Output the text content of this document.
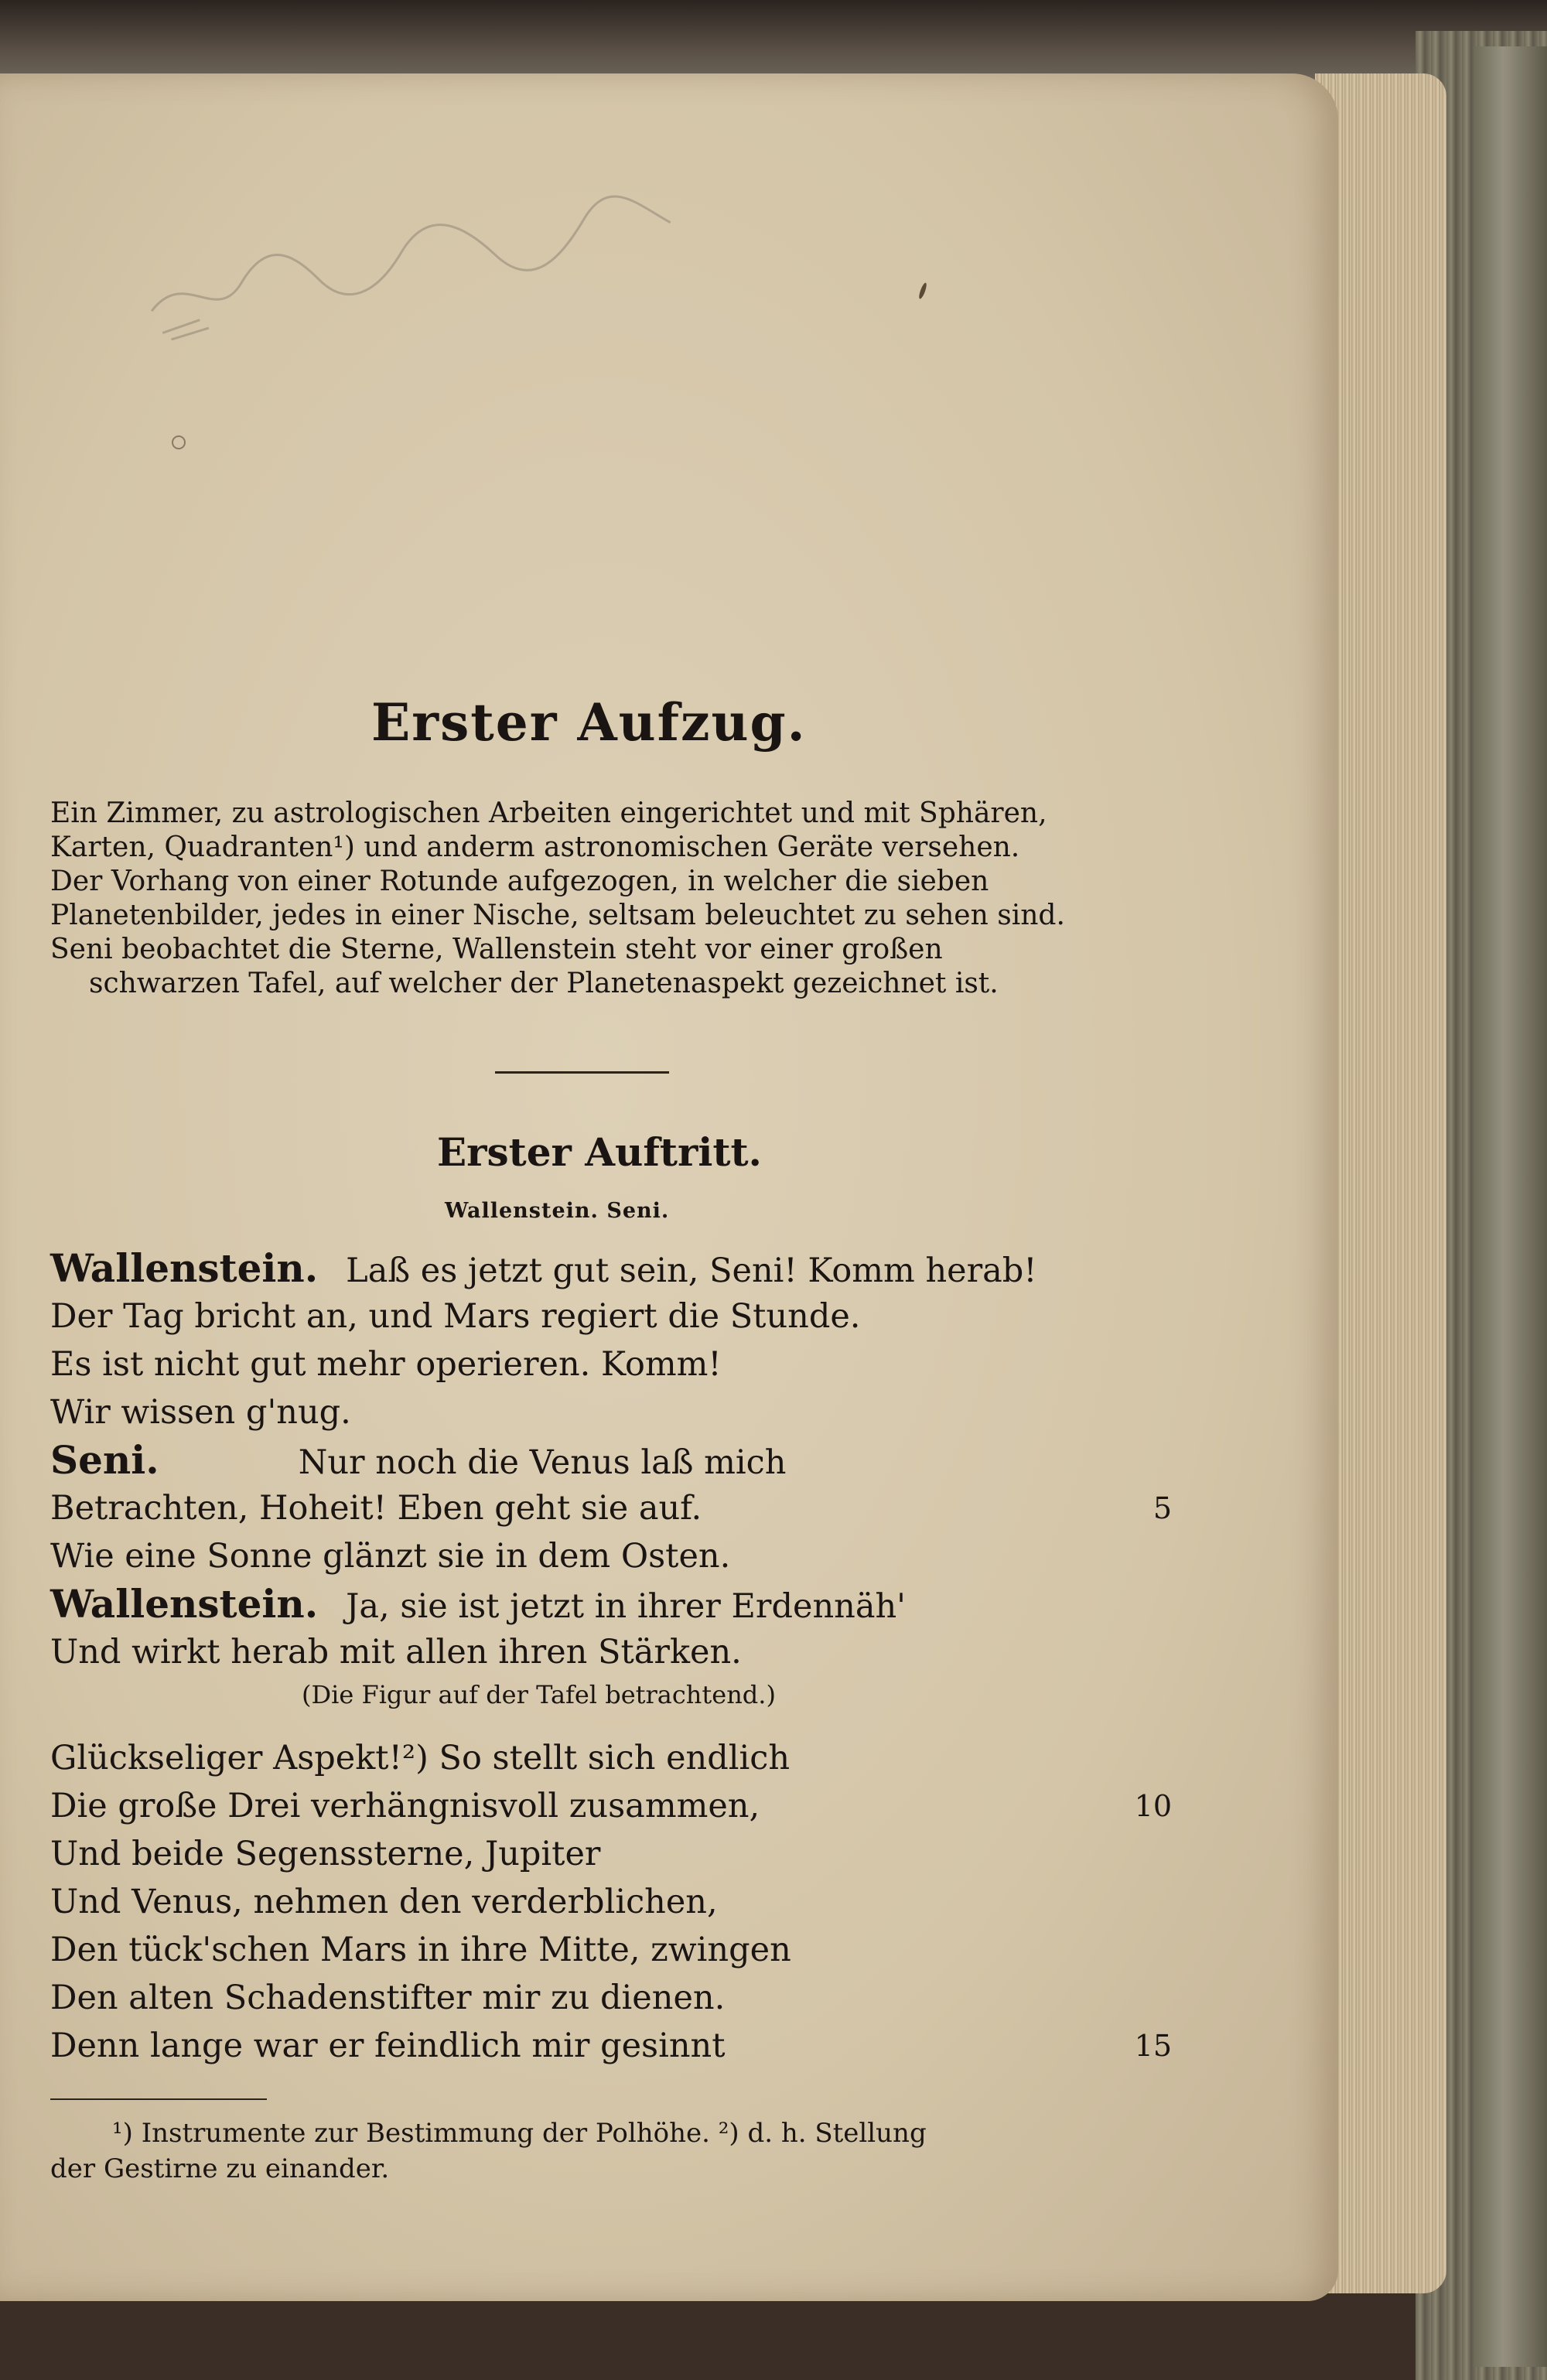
Erster Aufzug.

Ein Zimmer, zu astrologischen Arbeiten eingerichtet und mit Sphären,

Karten, Quadranten¹) und anderm astronomischen Geräte versehen.

Der Vorhang von einer Rotunde aufgezogen, in welcher die sieben

Planetenbilder, jedes in einer Nische, seltsam beleuchtet zu sehen sind.

Seni beobachtet die Sterne, Wallenstein steht vor einer großen

schwarzen Tafel, auf welcher der Planetenaspekt gezeichnet ist.

Erster Auftritt.
Wallenstein. Seni.
Wallenstein. Laß es jetzt gut sein, Seni! Komm herab!
Der Tag bricht an, und Mars regiert die Stunde.
Es ist nicht gut mehr operieren. Komm!
Wir wissen g'nug.
Seni.	Nur noch die Venus laß mich
Betrachten, Hoheit! Eben geht sie auf.	5
Wie eine Sonne glänzt sie in dem Osten.
Wallenstein. Ja, sie ist jetzt in ihrer Erdennäh'
Und wirkt herab mit allen ihren Stärken.
(Die Figur auf der Tafel betrachtend.)
Glückseliger Aspekt!²) So stellt sich endlich
Die große Drei verhängnisvoll zusammen,	10
Und beide Segenssterne, Jupiter
Und Venus, nehmen den verderblichen,
Den tück'schen Mars in ihre Mitte, zwingen
Den alten Schadenstifter mir zu dienen.
Denn lange war er feindlich mir gesinnt	15

¹) Instrumente zur Bestimmung der Polhöhe. ²) d. h. Stellung

der Gestirne zu einander.
